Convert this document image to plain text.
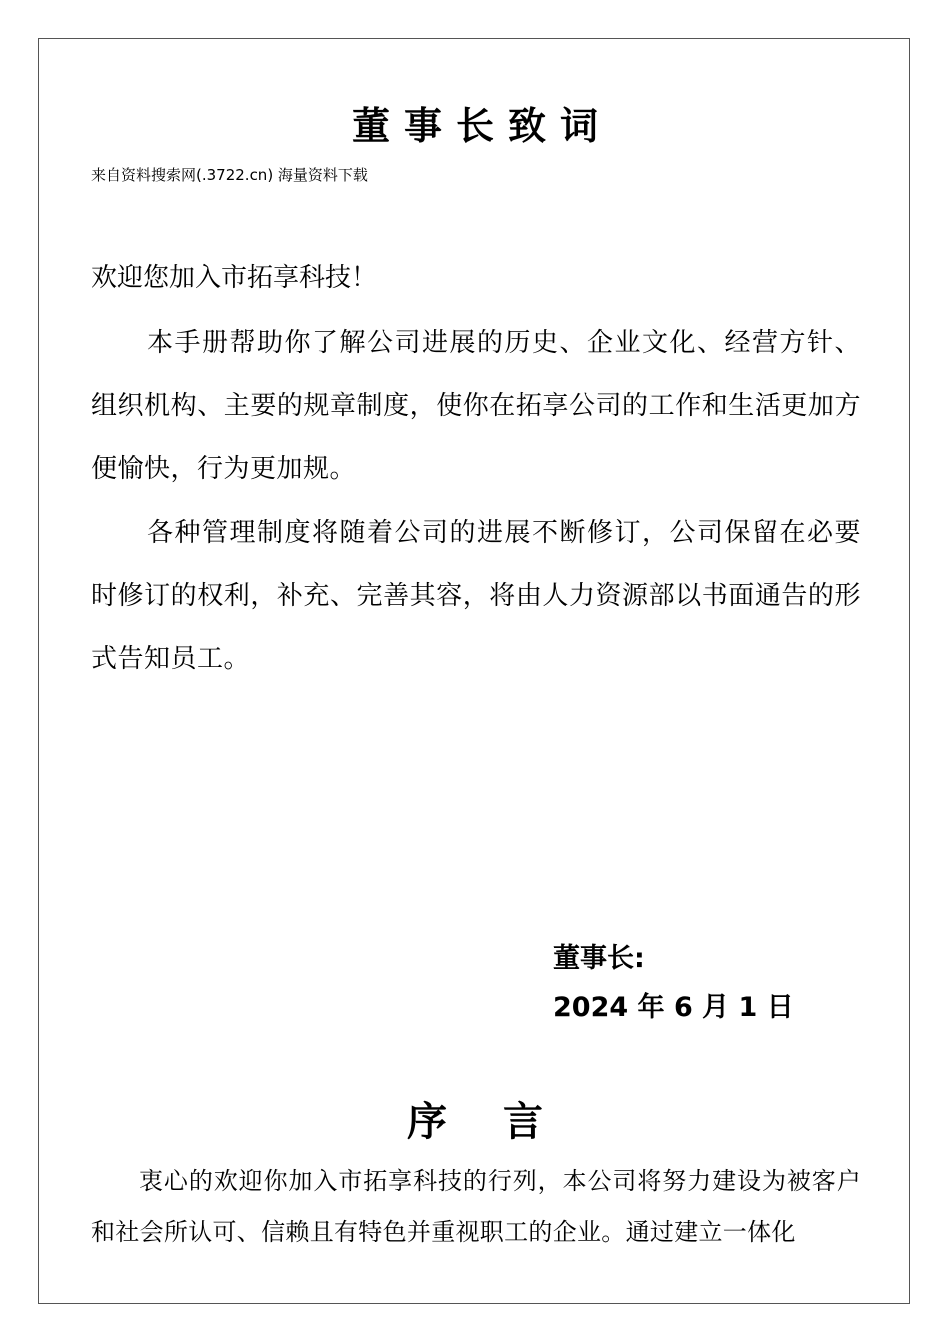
董事长致词
来自资料搜索网(.3722.cn) 海量资料下载
欢迎您加入市拓享科技！

本手册帮助你了解公司进展的历史、企业文化、经营方针、组织机构、主要的规章制度，使你在拓享公司的工作和生活更加方便愉快，行为更加规。

各种管理制度将随着公司的进展不断修订，公司保留在必要时修订的权利，补充、完善其容，将由人力资源部以书面通告的形式告知员工。

董事长:
2024 年 6 月 1 日
序 言

衷心的欢迎你加入市拓享科技的行列，本公司将努力建设为被客户和社会所认可、信赖且有特色并重视职工的企业。通过建立一体化
